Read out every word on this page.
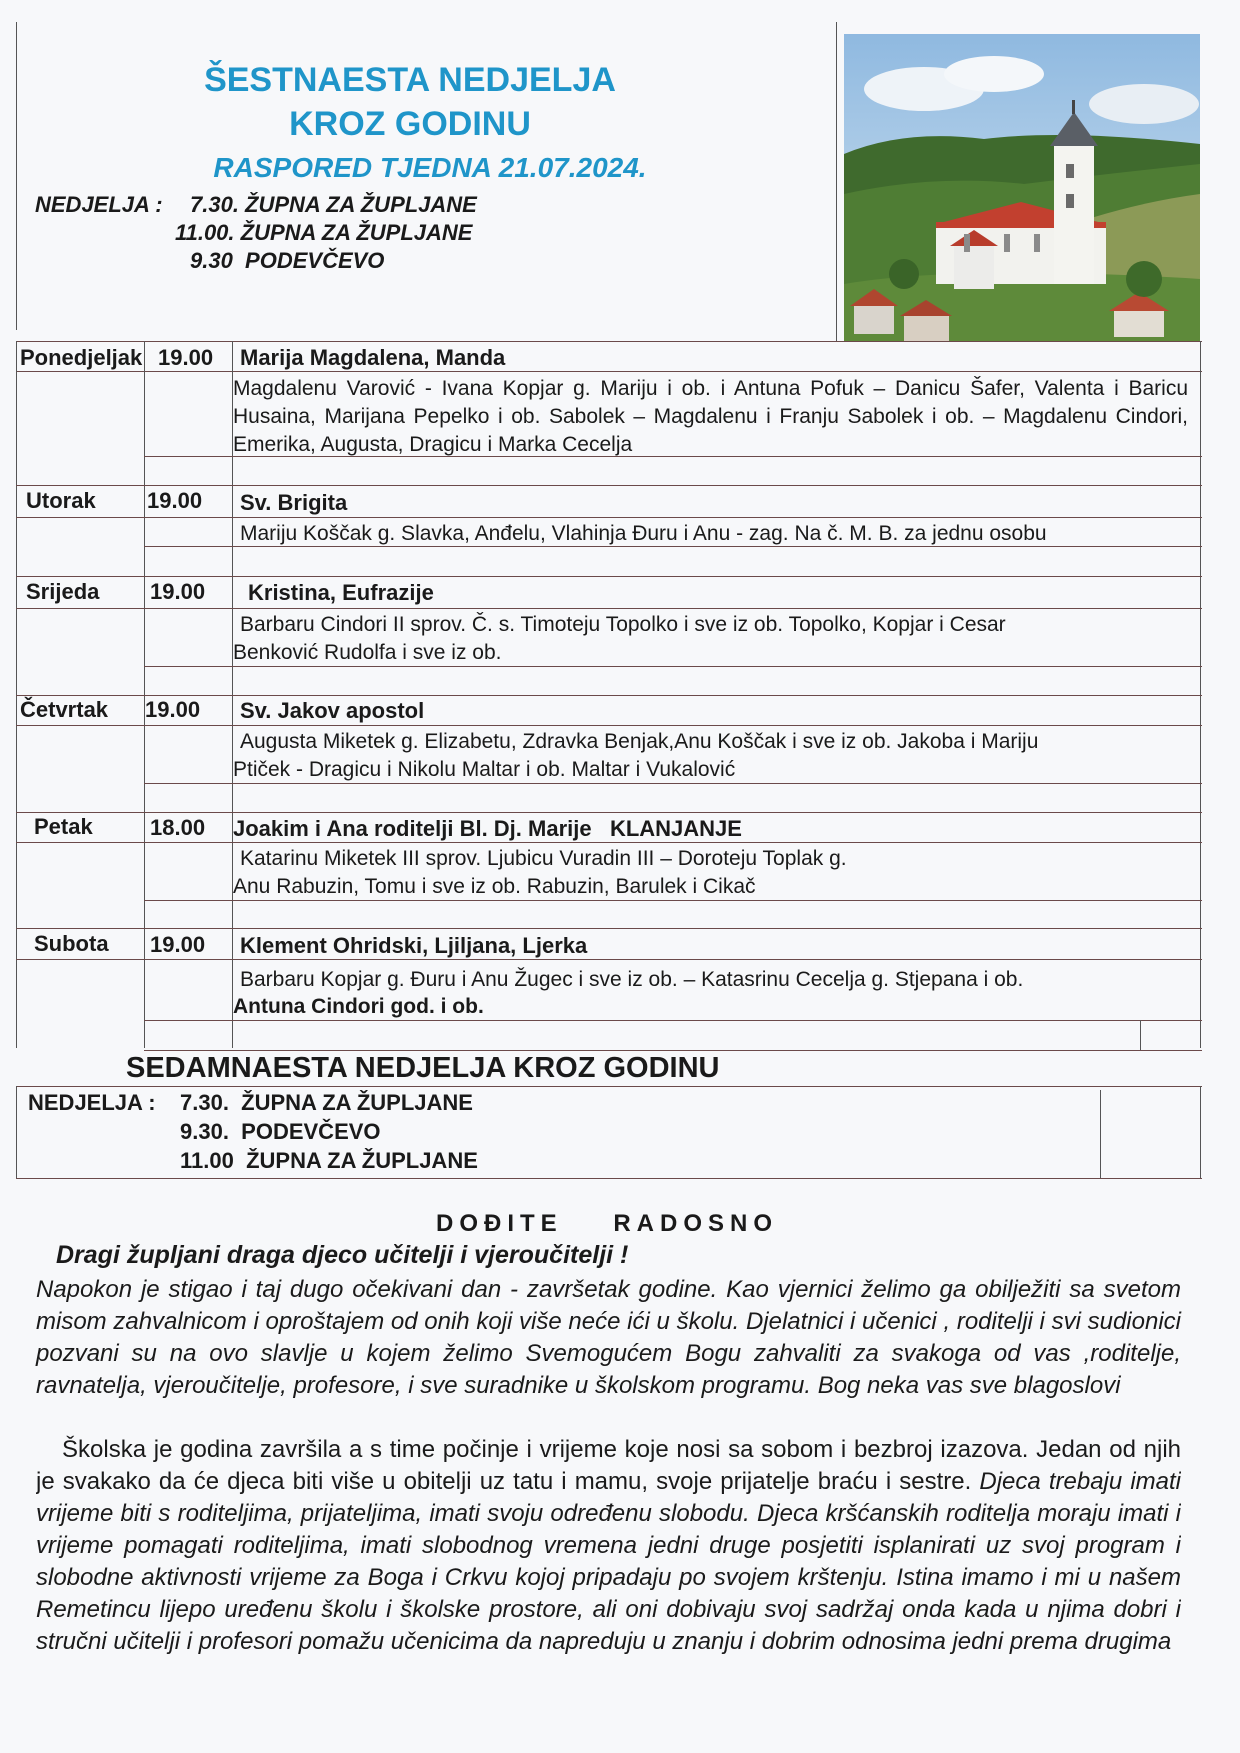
ŠESTNAESTA NEDJELJA
KROZ GODINU
RASPORED TJEDNA 21.07.2024.
NEDJELJA : 7.30. ŽUPNA ZA ŽUPLJANE
11.00. ŽUPNA ZA ŽUPLJANE
9.30  PODEVČEVO
Ponedjeljak 19.00 Marija Magdalena, Manda
Magdalenu Varović - Ivana Kopjar g. Mariju i ob. i Antuna Pofuk – Danicu Šafer, Valenta i Baricu Husaina, Marijana Pepelko i ob. Sabolek – Magdalenu i Franju Sabolek i ob. – Magdalenu Cindori, Emerika, Augusta, Dragicu i Marka Cecelja
Utorak 19.00 Sv. Brigita
Mariju Koščak g. Slavka, Anđelu, Vlahinja Đuru i Anu - zag. Na č. M. B. za jednu osobu
Srijeda 19.00 Kristina, Eufrazije
Barbaru Cindori II sprov. Č. s. Timoteju Topolko i sve iz ob. Topolko, Kopjar i Cesar
Benković Rudolfa i sve iz ob.
Četvrtak 19.00 Sv. Jakov apostol
Augusta Miketek g. Elizabetu, Zdravka Benjak,Anu Koščak i sve iz ob. Jakoba i Mariju
Ptiček - Dragicu i Nikolu Maltar i ob. Maltar i Vukalović
Petak	18.00 Joakim i Ana roditelji Bl. Dj. Marije   KLANJANJE
Katarinu Miketek III sprov. Ljubicu Vuradin III – Doroteju Toplak g.
Anu Rabuzin, Tomu i sve iz ob. Rabuzin, Barulek i Cikač
Subota 19.00 Klement Ohridski, Ljiljana, Ljerka
Barbaru Kopjar g. Đuru i Anu Žugec i sve iz ob. – Katasrinu Cecelja g. Stjepana i ob.
Antuna Cindori god. i ob.
SEDAMNAESTA NEDJELJA KROZ GODINU
NEDJELJA : 7.30.  ŽUPNA ZA ŽUPLJANE
9.30.  PODEVČEVO
11.00  ŽUPNA ZA ŽUPLJANE
DOĐITE    RADOSNO
Dragi župljani draga djeco učitelji i vjeroučitelji !
Napokon je stigao i taj dugo očekivani dan - završetak godine. Kao vjernici želimo ga obilježiti sa svetom misom zahvalnicom i oproštajem od onih koji više neće ići u školu. Djelatnici i učenici , roditelji i svi sudionici pozvani su na ovo slavlje u kojem želimo Svemogućem Bogu zahvaliti za svakoga od vas ,roditelje, ravnatelja, vjeroučitelje, profesore, i sve suradnike u školskom programu. Bog neka vas sve blagoslovi
Školska je godina završila a s time počinje i vrijeme koje nosi sa sobom i bezbroj izazova. Jedan od njih je svakako da će djeca biti više u obitelji uz tatu i mamu, svoje prijatelje braću i sestre. Djeca trebaju imati vrijeme biti s roditeljima, prijateljima, imati svoju određenu slobodu. Djeca kršćanskih roditelja moraju imati i vrijeme pomagati roditeljima, imati slobodnog vremena jedni druge posjetiti isplanirati uz svoj program i slobodne aktivnosti vrijeme za Boga i Crkvu kojoj pripadaju po svojem krštenju. Istina imamo i mi u našem Remetincu lijepo uređenu školu i školske prostore, ali oni dobivaju svoj sadržaj onda kada u njima dobri i stručni učitelji i profesori pomažu učenicima da napreduju u znanju i dobrim odnosima jedni prema drugima
